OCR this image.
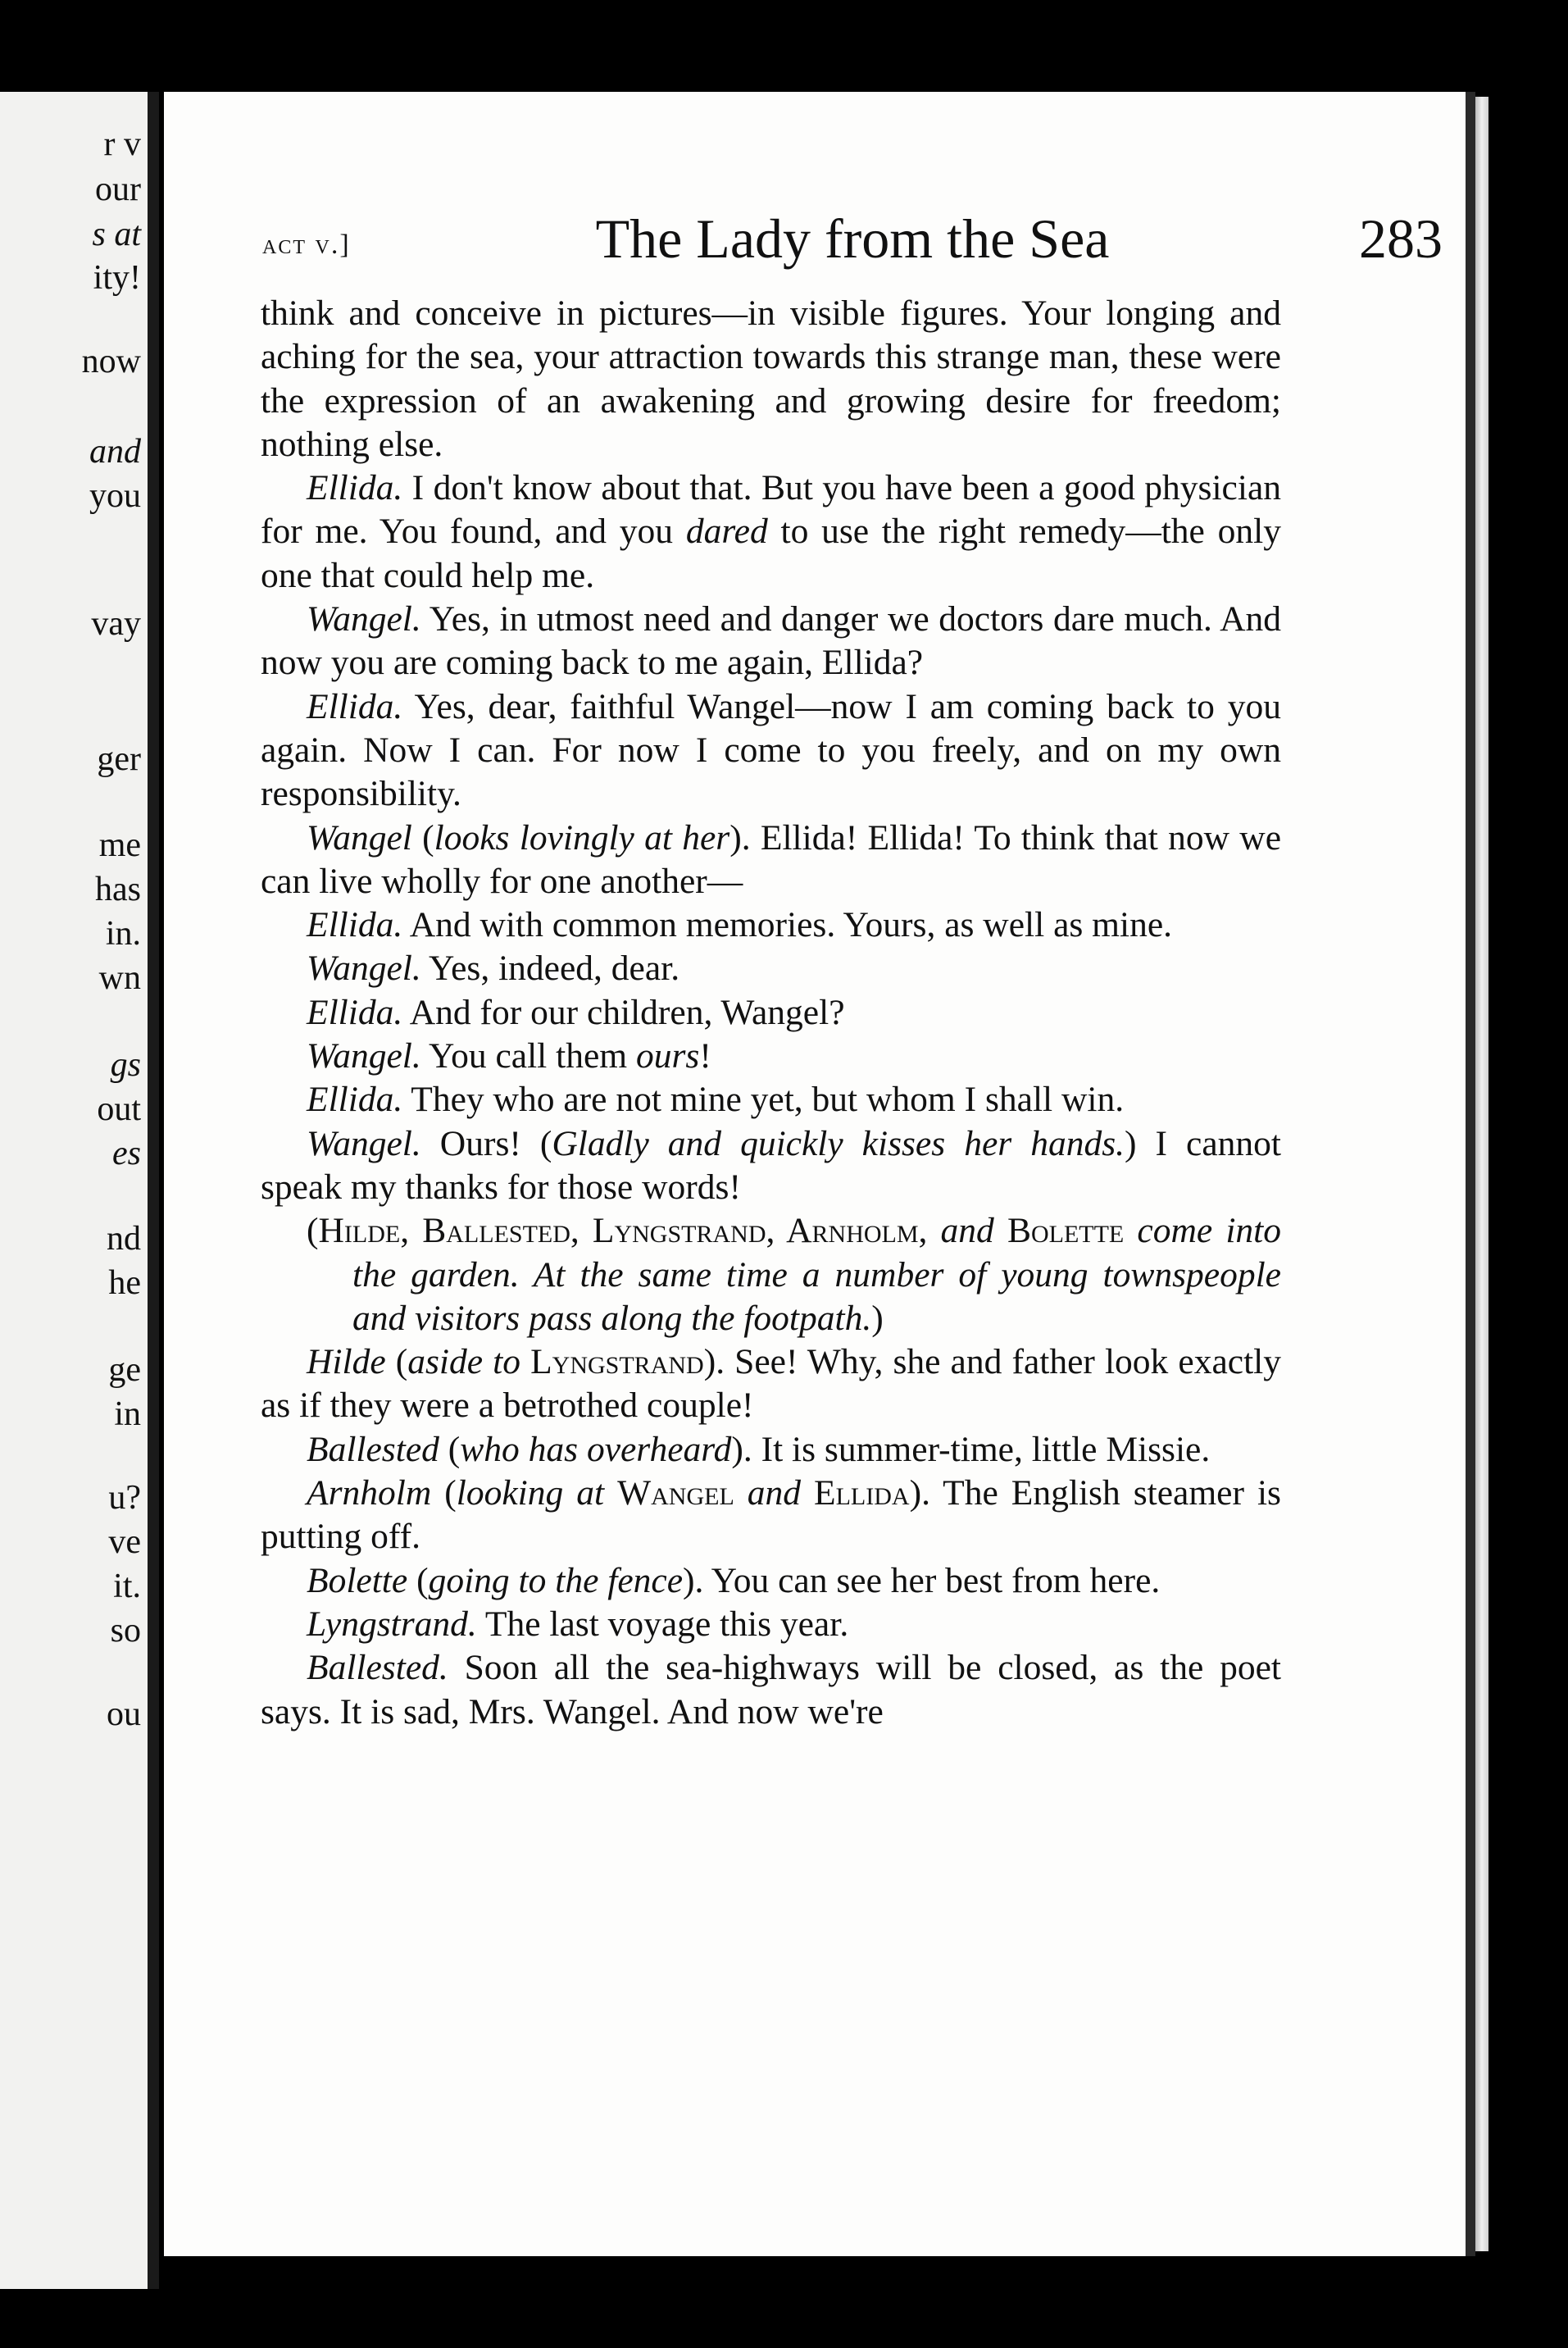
r v
our
s at
ity!
now
and
you
vay
ger
me
has
in.
wn
gs
out
es
nd
he
ge
in
u?
ve
it.
so
ou
act v.]	The Lady from the Sea	283

think and conceive in pictures—in visible figures. Your longing and aching for the sea, your attraction towards this strange man, these were the expression of an awakening and growing desire for freedom; nothing else.

Ellida. I don't know about that. But you have been a good physician for me. You found, and you dared to use the right remedy—the only one that could help me.

Wangel. Yes, in utmost need and danger we doctors dare much. And now you are coming back to me again, Ellida?

Ellida. Yes, dear, faithful Wangel—now I am coming back to you again. Now I can. For now I come to you freely, and on my own responsibility.

Wangel (looks lovingly at her). Ellida! Ellida! To think that now we can live wholly for one another—

Ellida. And with common memories. Yours, as well as mine.

Wangel. Yes, indeed, dear.

Ellida. And for our children, Wangel?

Wangel. You call them ours!

Ellida. They who are not mine yet, but whom I shall win.

Wangel. Ours! (Gladly and quickly kisses her hands.) I cannot speak my thanks for those words!

(Hilde, Ballested, Lyngstrand, Arnholm, and Bolette come into the garden. At the same time a number of young townspeople and visitors pass along the footpath.)

Hilde (aside to Lyngstrand). See! Why, she and father look exactly as if they were a betrothed couple!

Ballested (who has overheard). It is summer-time, little Missie.

Arnholm (looking at Wangel and Ellida). The English steamer is putting off.

Bolette (going to the fence). You can see her best from here.

Lyngstrand. The last voyage this year.

Ballested. Soon all the sea-highways will be closed, as the poet says. It is sad, Mrs. Wangel. And now we're
